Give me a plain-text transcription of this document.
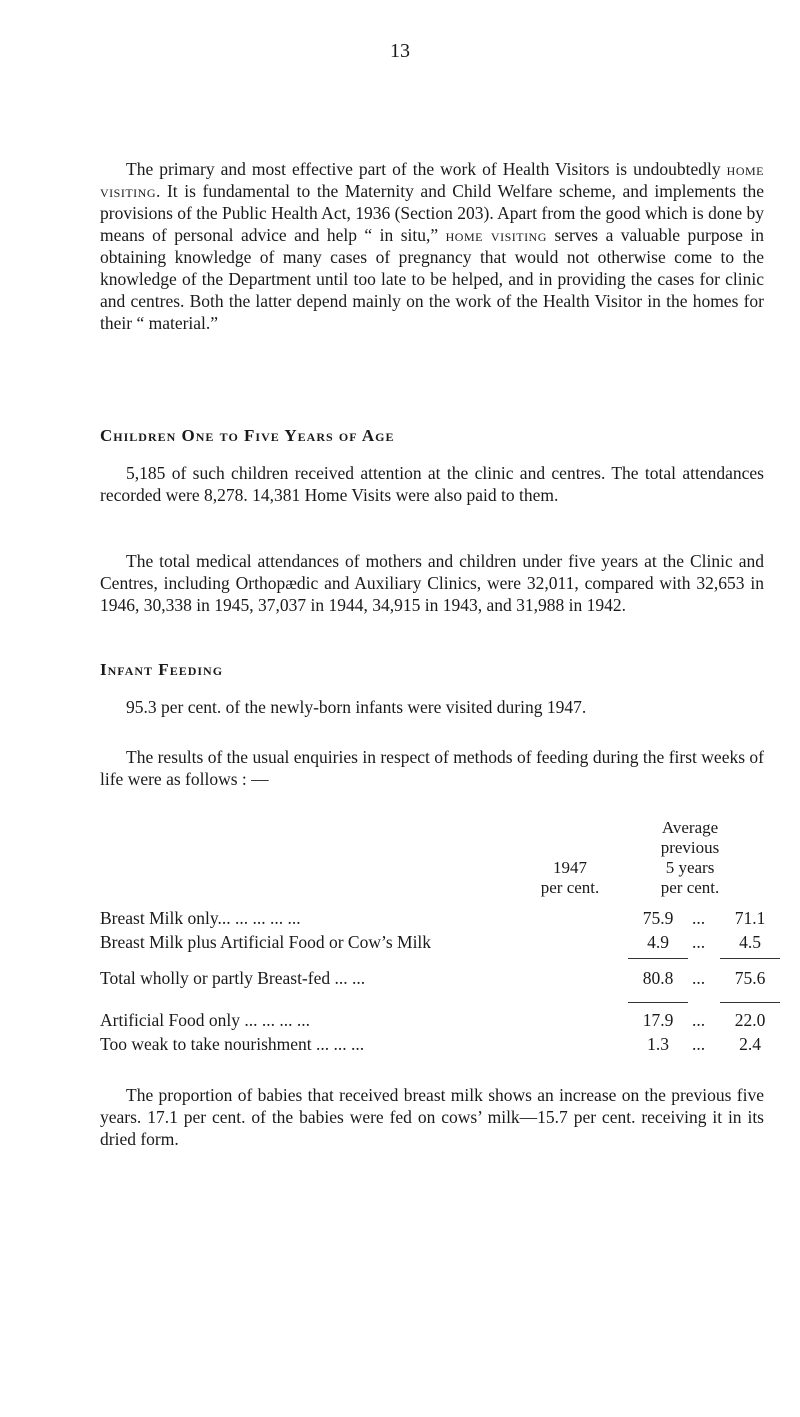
13

The primary and most effective part of the work of Health Visitors is undoubtedly home visiting. It is fundamental to the Maternity and Child Welfare scheme, and implements the provisions of the Public Health Act, 1936 (Section 203). Apart from the good which is done by means of personal advice and help “ in situ,” home visiting serves a valuable purpose in obtaining knowledge of many cases of pregnancy that would not otherwise come to the knowledge of the Department until too late to be helped, and in providing the cases for clinic and centres. Both the latter depend mainly on the work of the Health Visitor in the homes for their “ material.”

Children One to Five Years of Age

5,185 of such children received attention at the clinic and centres. The total attendances recorded were 8,278. 14,381 Home Visits were also paid to them.

The total medical attendances of mothers and children under five years at the Clinic and Centres, including Orthopædic and Auxiliary Clinics, were 32,011, compared with 32,653 in 1946, 30,338 in 1945, 37,037 in 1944, 34,915 in 1943, and 31,988 in 1942.

Infant Feeding

95.3 per cent. of the newly-born infants were visited during 1947.

The results of the usual enquiries in respect of methods of feeding during the first weeks of life were as follows : —

1947
per cent.
Average
previous
5 years
per cent.
Breast Milk only... ... ... ... ...	75.9	...	71.1
Breast Milk plus Artificial Food or Cow’s Milk	4.9	...	4.5
Total wholly or partly Breast-fed ... ...	80.8	...	75.6
Artificial Food only ... ... ... ...	17.9	...	22.0
Too weak to take nourishment ... ... ...	1.3	...	2.4

The proportion of babies that received breast milk shows an increase on the previous five years. 17.1 per cent. of the babies were fed on cows’ milk—15.7 per cent. receiving it in its dried form.
